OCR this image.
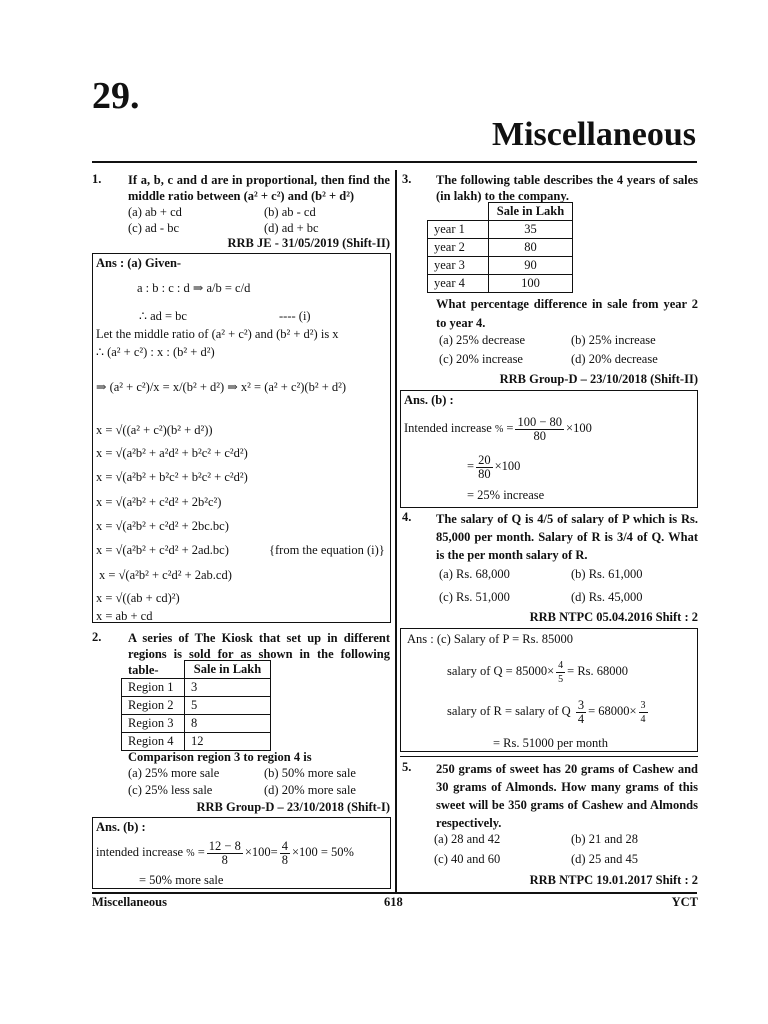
29.
Miscellaneous
1. If a, b, c and d are in proportional, then find the middle ratio between (a² + c²) and (b² + d²)
(a) ab + cd	(b) ab - cd
(c) ad - bc	(d) ad + bc
RRB JE - 31/05/2019 (Shift-II)
Ans : (a) Given-
a : b : c : d ⇒ a/b = c/d
∴ ad = bc	---- (i)
Let the middle ratio of (a² + c²) and (b² + d²) is x
∴ (a² + c²) : x : (b² + d²)
⇒ (a² + c²)/x = x/(b² + d²) ⇒ x² = (a² + c²)(b² + d²)
x = √((a² + c²)(b² + d²))
x = √(a²b² + a²d² + b²c² + c²d²)
x = √(a²b² + b²c² + b²c² + c²d²)
x = √(a²b² + c²d² + 2b²c²)
x = √(a²b² + c²d² + 2bc.bc)
x = √(a²b² + c²d² + 2ad.bc)	{from the equation (i)}
x = √(a²b² + c²d² + 2ab.cd)
x = √((ab + cd)²)
x = ab + cd
2. A series of The Kiosk that set up in different regions is sold for as shown in the following table-
		Sale in Lakh
Region 1	3
Region 2	5
Region 3	8
Region 4	12
Comparison region 3 to region 4 is
(a) 25% more sale	(b) 50% more sale
(c) 25% less sale	(d) 20% more sale
RRB Group-D – 23/10/2018 (Shift-I)
Ans. (b) :
intended increase % = $\frac{12 - 8}{8} \times 100= \frac{4}{8} \times 100 = 50\%$
= 50% more sale
3. The following table describes the 4 years of sales (in lakh) to the company.
	Sale in Lakh
year 1	35
year 2	80
year 3	90
year 4	100
What percentage difference in sale from year 2 to year 4.
(a) 25% decrease	(b) 25% increase
(c) 20% increase	(d) 20% decrease
RRB Group-D – 23/10/2018 (Shift-II)
Ans. (b) :
Intended increase % = $\frac{100 - 80}{80} \times 100$
= $\frac{20}{80} \times 100$
= 25% increase
4. The salary of Q is 4/5 of salary of P which is Rs. 85,000 per month. Salary of R is 3/4 of Q. What is the per month salary of R.
(a) Rs. 68,000	(b) Rs. 61,000
(c) Rs. 51,000	(d) Rs. 45,000
RRB NTPC 05.04.2016 Shift : 2
Ans : (c) Salary of P = Rs. 85000
salary of $Q = 85000\times \frac{4}{5} = Rs$. 68000
salary of R = salary of Q $\frac{3}{4} = 68000\times \frac{3}{4}$
= Rs. 51000 per month
5. 250 grams of sweet has 20 grams of Cashew and 30 grams of Almonds. How many grams of this sweet will be 350 grams of Cashew and Almonds respectively.
(a) 28 and 42	(b) 21 and 28
(c) 40 and 60	(d) 25 and 45
RRB NTPC 19.01.2017 Shift : 2
Miscellaneous	618	YCT
